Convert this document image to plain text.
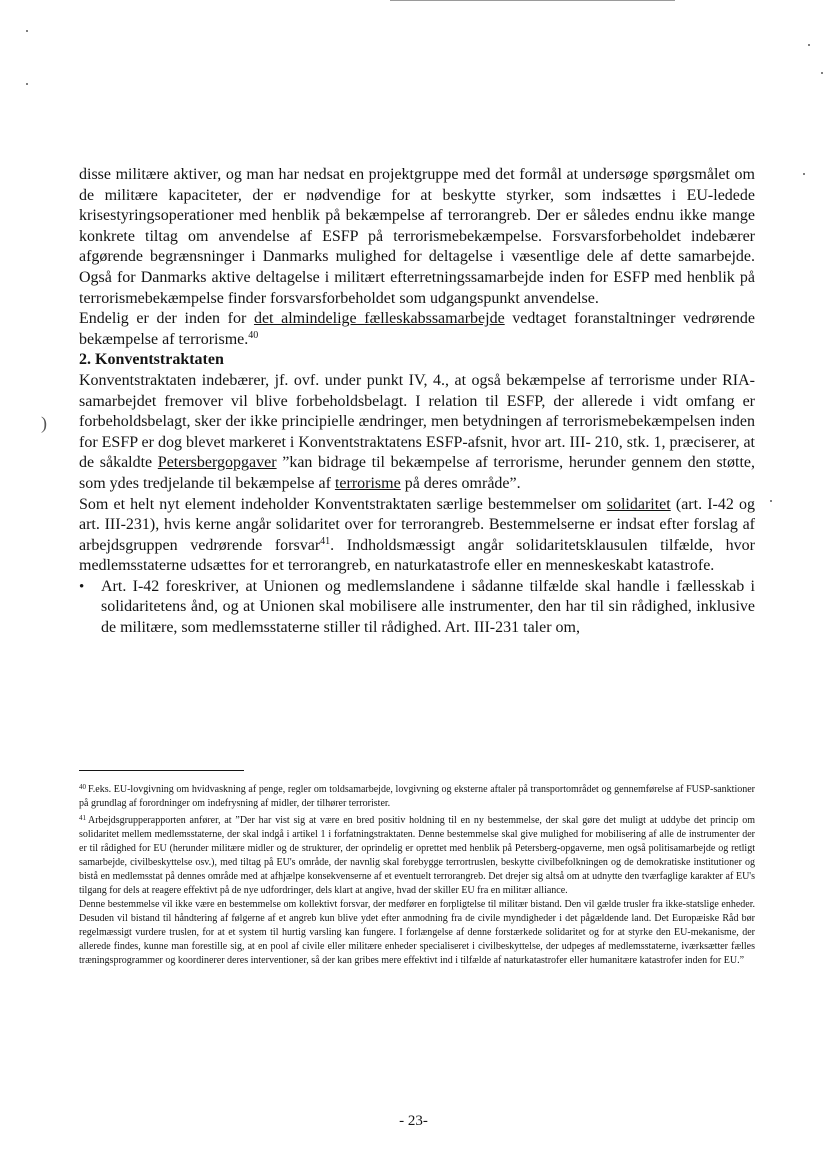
)

disse militære aktiver, og man har nedsat en projektgruppe med det formål at undersøge spørgsmålet om de militære kapaciteter, der er nødvendige for at beskytte styrker, som indsættes i EU-ledede krisestyringsoperationer med henblik på bekæmpelse af terrorangreb. Der er således endnu ikke mange konkrete tiltag om anvendelse af ESFP på terrorismebekæmpelse. Forsvarsforbeholdet indebærer afgørende begrænsninger i Danmarks mulighed for deltagelse i væsentlige dele af dette samarbejde. Også for Danmarks aktive deltagelse i militært efterretningssamarbejde inden for ESFP med henblik på terrorismebekæmpelse finder forsvarsforbeholdet som udgangspunkt anvendelse.

Endelig er der inden for det almindelige fælleskabssamarbejde vedtaget foranstaltninger vedrørende bekæmpelse af terrorisme.$^{40}$

2. Konventstraktaten

Konventstraktaten indebærer, jf. ovf. under punkt IV, 4., at også bekæmpelse af terrorisme under RIA-samarbejdet fremover vil blive forbeholdsbelagt. I relation til ESFP, der allerede i vidt omfang er forbeholdsbelagt, sker der ikke principielle ændringer, men betydningen af terrorismebekæmpelsen inden for ESFP er dog blevet markeret i Konventstraktatens ESFP-afsnit, hvor art. III- 210, stk. 1, præciserer, at de såkaldte Petersbergopgaver ”kan bidrage til bekæmpelse af terrorisme, herunder gennem den støtte, som ydes tredjelande til bekæmpelse af terrorisme på deres område”.

Som et helt nyt element indeholder Konventstraktaten særlige bestemmelser om solidaritet (art. I-42 og art. III-231), hvis kerne angår solidaritet over for terrorangreb. Bestemmelserne er indsat efter forslag af arbejdsgruppen vedrørende forsvar$^{41}$. Indholdsmæssigt angår solidaritetsklausulen tilfælde, hvor medlemsstaterne udsættes for et terrorangreb, en naturkatastrofe eller en menneskeskabt katastrofe.

•	Art. I-42 foreskriver, at Unionen og medlemslandene i sådanne tilfælde skal handle i fællesskab i solidaritetens ånd, og at Unionen skal mobilisere alle instrumenter, den har til sin rådighed, inklusive de militære, som medlemsstaterne stiller til rådighed. Art. III-231 taler om,

$^{40}$ F.eks. EU-lovgivning om hvidvaskning af penge, regler om toldsamarbejde, lovgivning og eksterne aftaler på transportområdet og gennemførelse af FUSP-sanktioner på grundlag af forordninger om indefrysning af midler, der tilhører terrorister.

$^{41}$ Arbejdsgrupperapporten anfører, at ”Der har vist sig at være en bred positiv holdning til en ny bestemmelse, der skal gøre det muligt at uddybe det princip om solidaritet mellem medlemsstaterne, der skal indgå i artikel 1 i forfatningstraktaten. Denne bestemmelse skal give mulighed for mobilisering af alle de instrumenter der er til rådighed for EU (herunder militære midler og de strukturer, der oprindelig er oprettet med henblik på Petersberg-opgaverne, men også politisamarbejde og retligt samarbejde, civilbeskyttelse osv.), med tiltag på EU's område, der navnlig skal forebygge terrortruslen, beskytte civilbefolkningen og de demokratiske institutioner og bistå en medlemsstat på dennes område med at afhjælpe konsekvenserne af et eventuelt terrorangreb. Det drejer sig altså om at udnytte den tværfaglige karakter af EU's tilgang for dels at reagere effektivt på de nye udfordringer, dels klart at angive, hvad der skiller EU fra en militær alliance.

Denne bestemmelse vil ikke være en bestemmelse om kollektivt forsvar, der medfører en forpligtelse til militær bistand. Den vil gælde trusler fra ikke-statslige enheder. Desuden vil bistand til håndtering af følgerne af et angreb kun blive ydet efter anmodning fra de civile myndigheder i det pågældende land. Det Europæiske Råd bør regelmæssigt vurdere truslen, for at et system til hurtig varsling kan fungere. I forlængelse af denne forstærkede solidaritet og for at styrke den EU-mekanisme, der allerede findes, kunne man forestille sig, at en pool af civile eller militære enheder specialiseret i civilbeskyttelse, der udpeges af medlemsstaterne, iværksætter fælles træningsprogrammer og koordinerer deres interventioner, så der kan gribes mere effektivt ind i tilfælde af naturkatastrofer eller humanitære katastrofer inden for EU.”

- 23-
